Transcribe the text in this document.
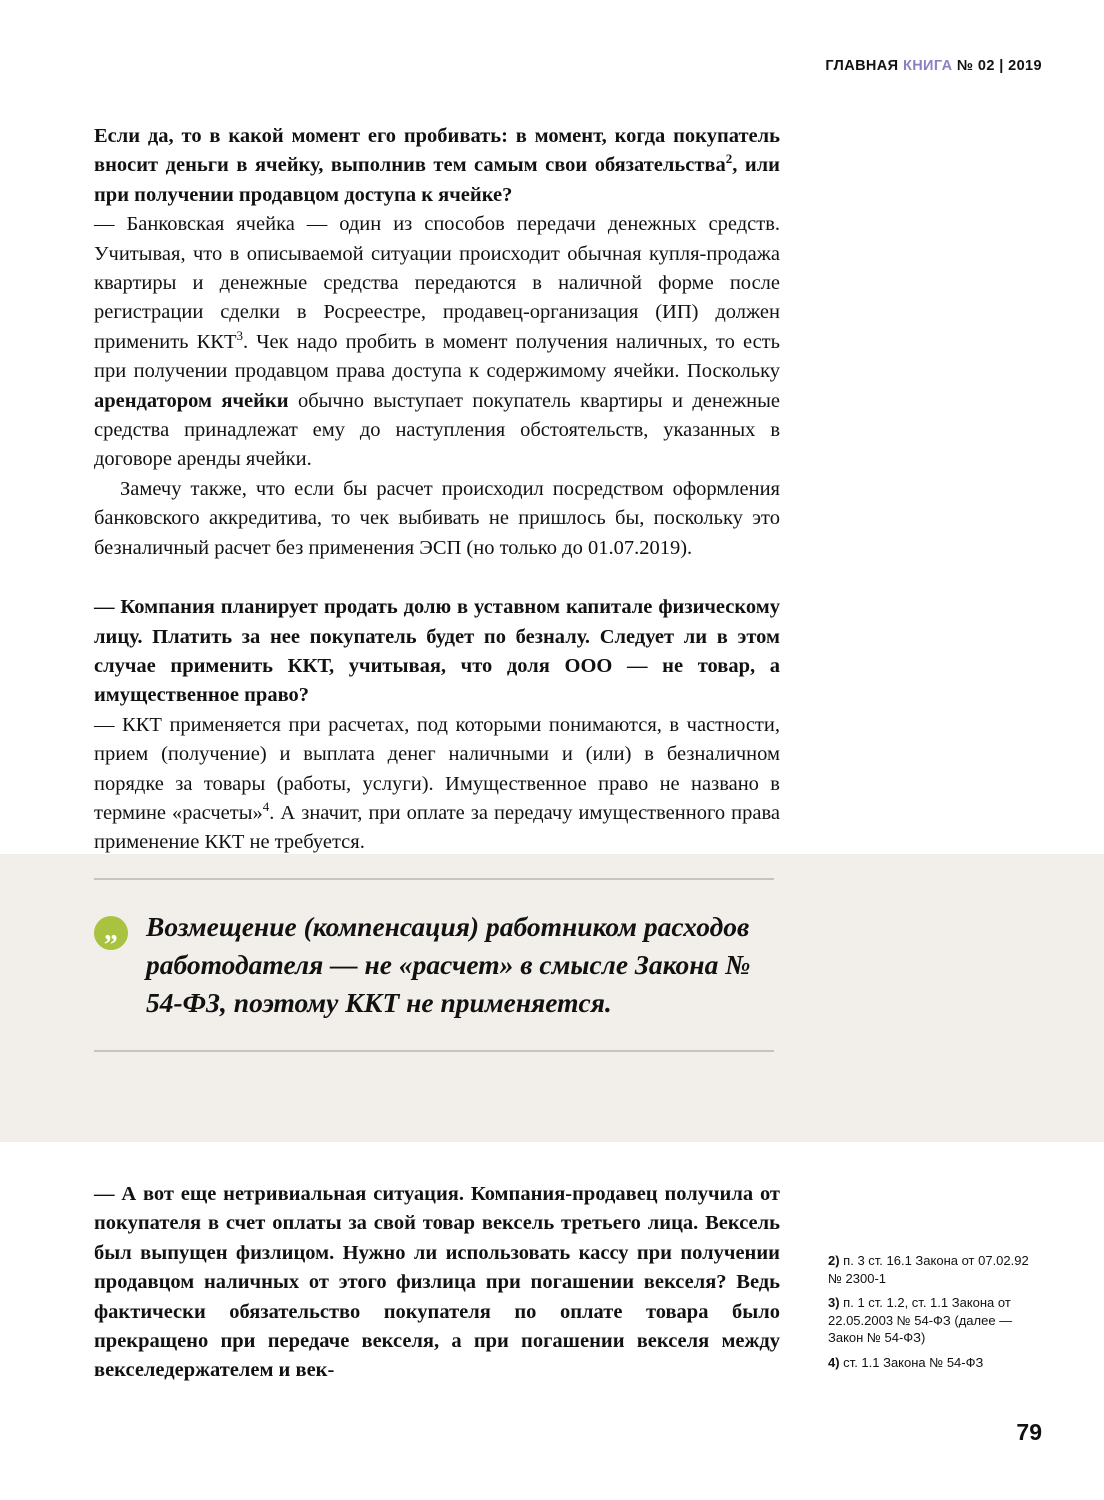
ГЛАВНАЯ КНИГА № 02 | 2019

Если да, то в какой момент его пробивать: в момент, когда покупатель вносит деньги в ячейку, выполнив тем самым свои обязательства$^2$, или при получении продавцом доступа к ячейке?

— Банковская ячейка — один из способов передачи денежных средств. Учитывая, что в описываемой ситуации происходит обычная купля-продажа квартиры и денежные средства передаются в наличной форме после регистрации сделки в Росреестре, продавец-организация (ИП) должен применить ККТ$^3$. Чек надо пробить в момент получения наличных, то есть при получении продавцом права доступа к содержимому ячейки. Поскольку арендатором ячейки обычно выступает покупатель квартиры и денежные средства принадлежат ему до наступления обстоятельств, указанных в договоре аренды ячейки.

Замечу также, что если бы расчет происходил посредством оформления банковского аккредитива, то чек выбивать не пришлось бы, поскольку это безналичный расчет без применения ЭСП (но только до 01.07.2019).

— Компания планирует продать долю в уставном капитале физическому лицу. Платить за нее покупатель будет по безналу. Следует ли в этом случае применить ККТ, учитывая, что доля ООО — не товар, а имущественное право?

— ККТ применяется при расчетах, под которыми понимаются, в частности, прием (получение) и выплата денег наличными и (или) в безналичном порядке за товары (работы, услуги). Имущественное право не названо в термине «расчеты»$^4$. А значит, при оплате за передачу имущественного права применение ККТ не требуется.

„	Возмещение (компенсация) работником расходов работодателя — не «расчет» в смысле Закона № 54-ФЗ, поэтому ККТ не применяется.

— А вот еще нетривиальная ситуация. Компания-продавец получила от покупателя в счет оплаты за свой товар вексель третьего лица. Вексель был выпущен физлицом. Нужно ли использовать кассу при получении продавцом наличных от этого физлица при погашении векселя? Ведь фактически обязательство покупателя по оплате товара было прекращено при передаче векселя, а при погашении векселя между векселедержателем и век-

2) п. 3 ст. 16.1 Закона от 07.02.92 № 2300-1
3) п. 1 ст. 1.2, ст. 1.1 Закона от 22.05.2003 № 54-ФЗ (далее — Закон № 54-ФЗ)
4) ст. 1.1 Закона № 54-ФЗ
79
